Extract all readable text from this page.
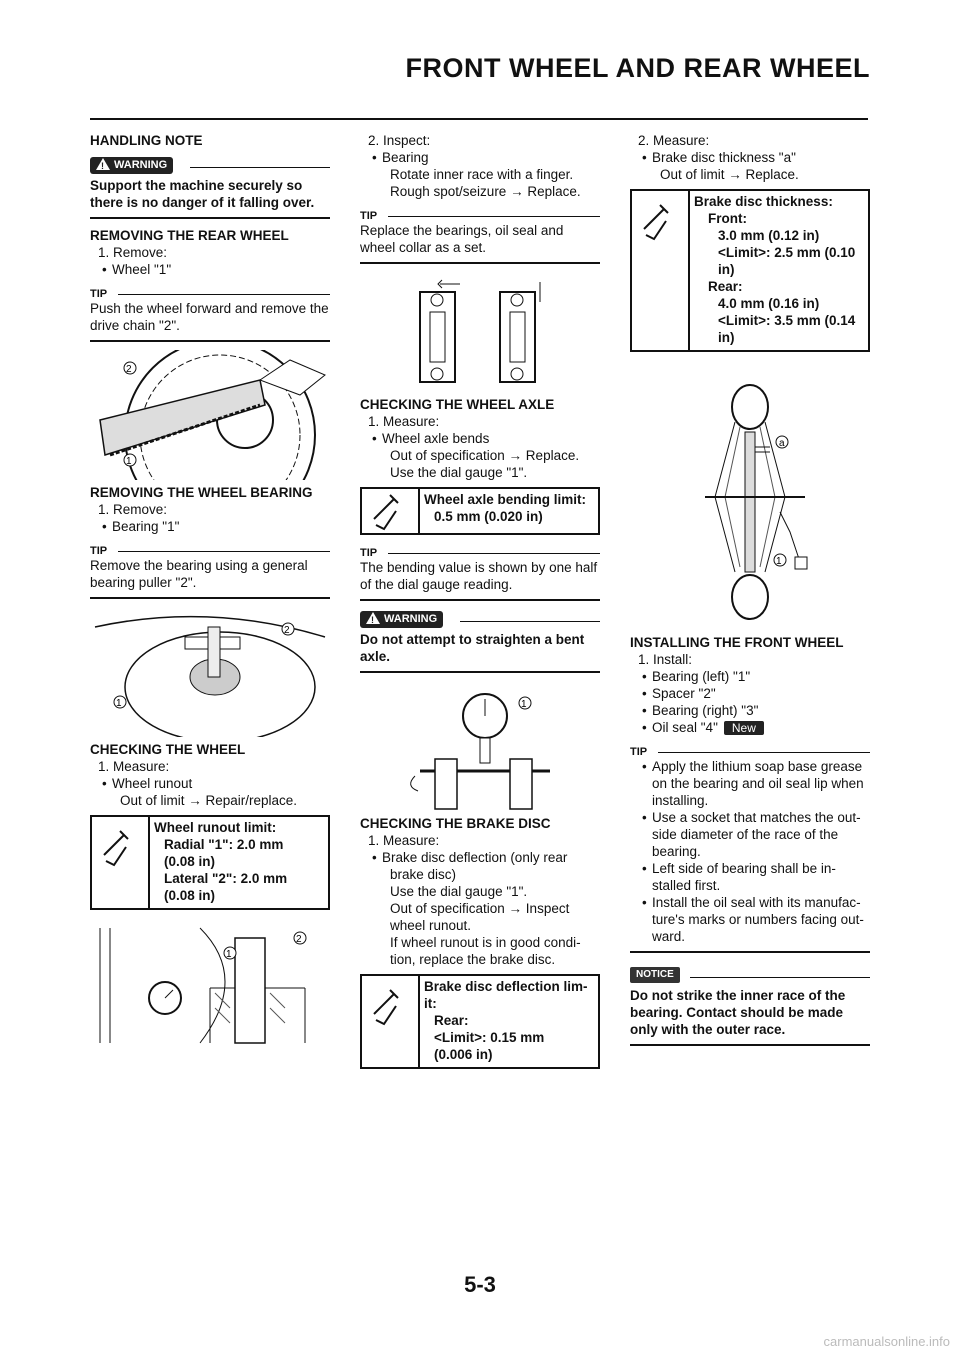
FRONT WHEEL AND REAR WHEEL

HANDLING NOTE

!
WARNING

Support the machine securely so there is no danger of it falling over.

REMOVING THE REAR WHEEL

1. Remove:

• Wheel "1"

TIP

Push the wheel forward and remove the drive chain "2".

2
1

REMOVING THE WHEEL BEARING

1. Remove:

• Bearing "1"

TIP

Remove the bearing using a general bearing puller "2".

2
1

CHECKING THE WHEEL

1. Measure:

• Wheel runout

Out of limit → Repair/replace.

Wheel runout limit:
Radial "1": 2.0 mm
(0.08 in)
Lateral "2": 2.0 mm
(0.08 in)
1
2

2. Inspect:

• Bearing

Rotate inner race with a finger.

Rough spot/seizure → Replace.

TIP

Replace the bearings, oil seal and wheel collar as a set.

CHECKING THE WHEEL AXLE

1. Measure:

• Wheel axle bends

Out of specification → Replace.

Use the dial gauge "1".

Wheel axle bending limit:
0.5 mm (0.020 in)
TIP

The bending value is shown by one half of the dial gauge reading.

!
WARNING

Do not attempt to straighten a bent axle.

1

CHECKING THE BRAKE DISC

1. Measure:

• Brake disc deflection (only rear

brake disc)

Use the dial gauge "1".

Out of specification → Inspect

wheel runout.

If wheel runout is in good condi-

tion, replace the brake disc.

Brake disc deflection lim-
it:
Rear:
<Limit>: 0.15 mm
(0.006 in)

2. Measure:

• Brake disc thickness "a"

Out of limit → Replace.

Brake disc thickness:
Front:
3.0 mm (0.12 in)
<Limit>: 2.5 mm (0.10
in)
Rear:
4.0 mm (0.16 in)
<Limit>: 3.5 mm (0.14
in)
a
1

INSTALLING THE FRONT WHEEL

1. Install:

• Bearing (left) "1"

• Spacer "2"

• Bearing (right) "3"

• Oil seal "4" New

TIP

• Apply the lithium soap base grease

on the bearing and oil seal lip when

installing.

• Use a socket that matches the out-

side diameter of the race of the

bearing.

• Left side of bearing shall be in-

stalled first.

• Install the oil seal with its manufac-

ture's marks or numbers facing out-

ward.

NOTICE

Do not strike the inner race of the bearing. Contact should be made only with the outer race.

5-3
carmanualsonline.info
